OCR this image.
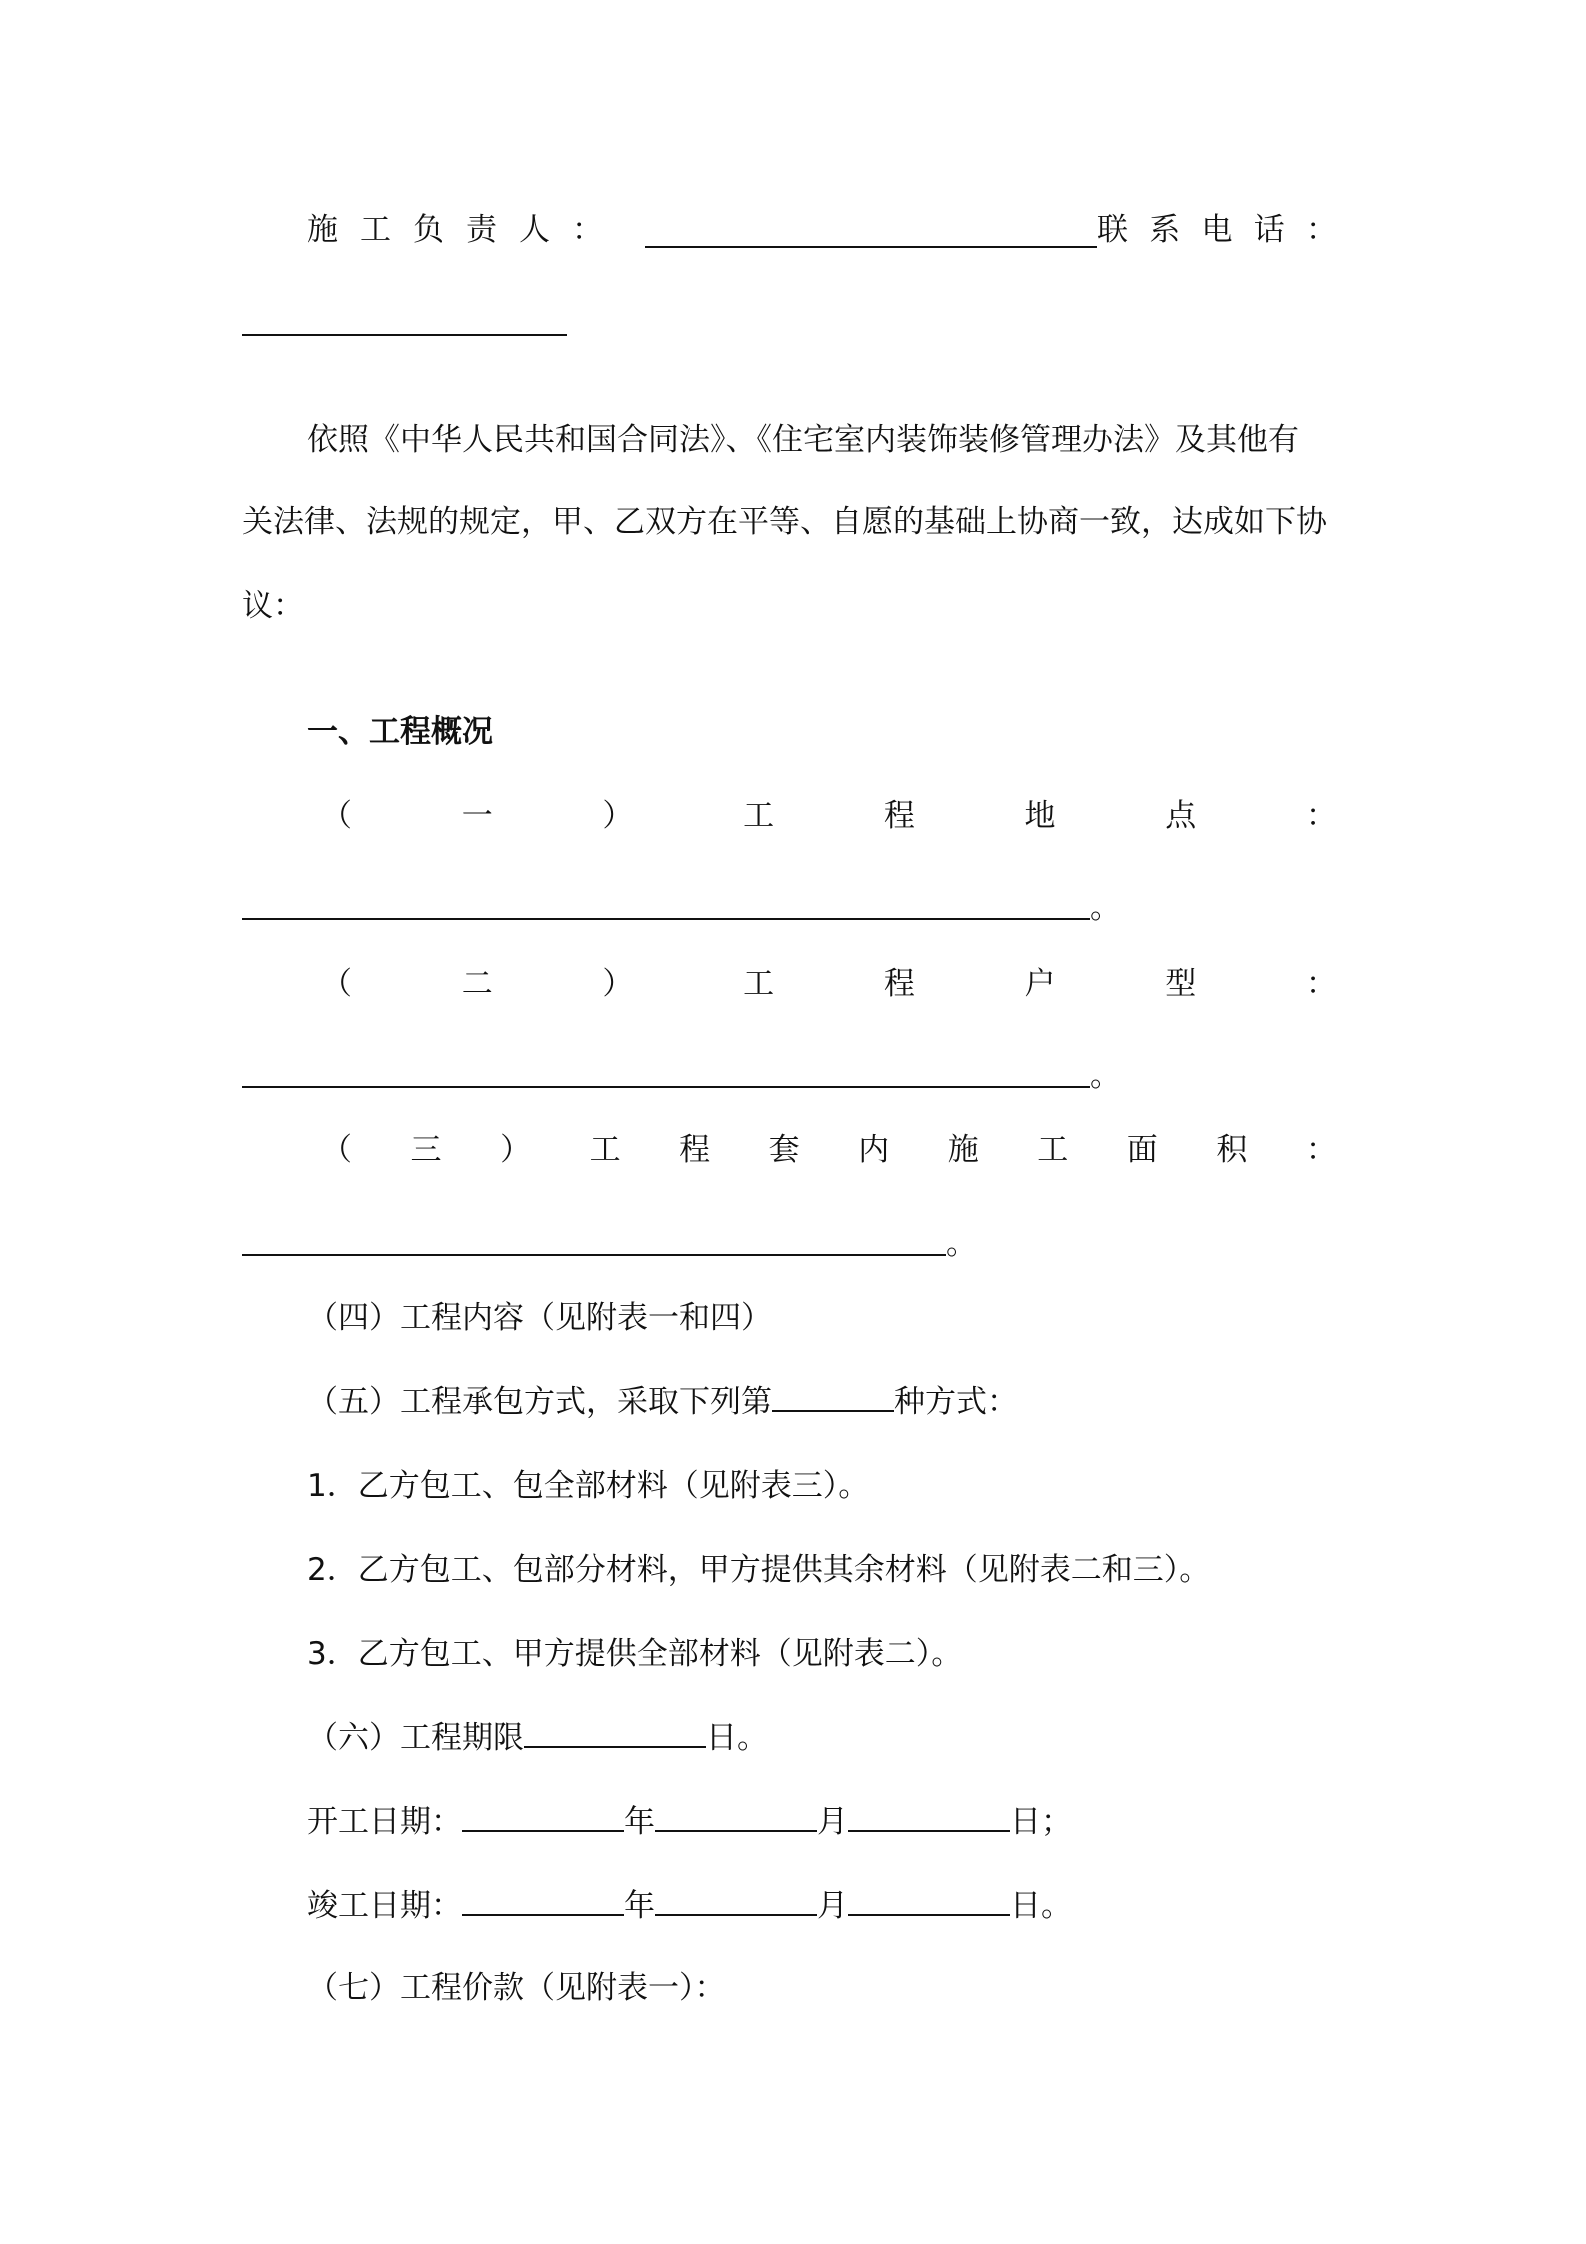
施 工 负 责 人 ：	联 系 电 话 ：
依照《中华人民共和国合同法》、《住宅室内装饰装修管理办法》及其他有
关法律、法规的规定，甲、乙双方在平等、自愿的基础上协商一致，达成如下协
议：
一、工程概况
（	一	）	工	程	地	点	：
。
（	二	）	工	程	户	型	：
。
（ 三 ） 工 程 套 内 施 工 面 积 ：
。
（四）工程内容（见附表一和四）
（五）工程承包方式，采取下列第	种方式：
1．乙方包工、包全部材料（见附表三）。
2．乙方包工、包部分材料，甲方提供其余材料（见附表二和三）。
3．乙方包工、甲方提供全部材料（见附表二）。
（六）工程期限	日。
开工日期：	年	月	日；
竣工日期：	年	月	日。
（七）工程价款（见附表一）：
